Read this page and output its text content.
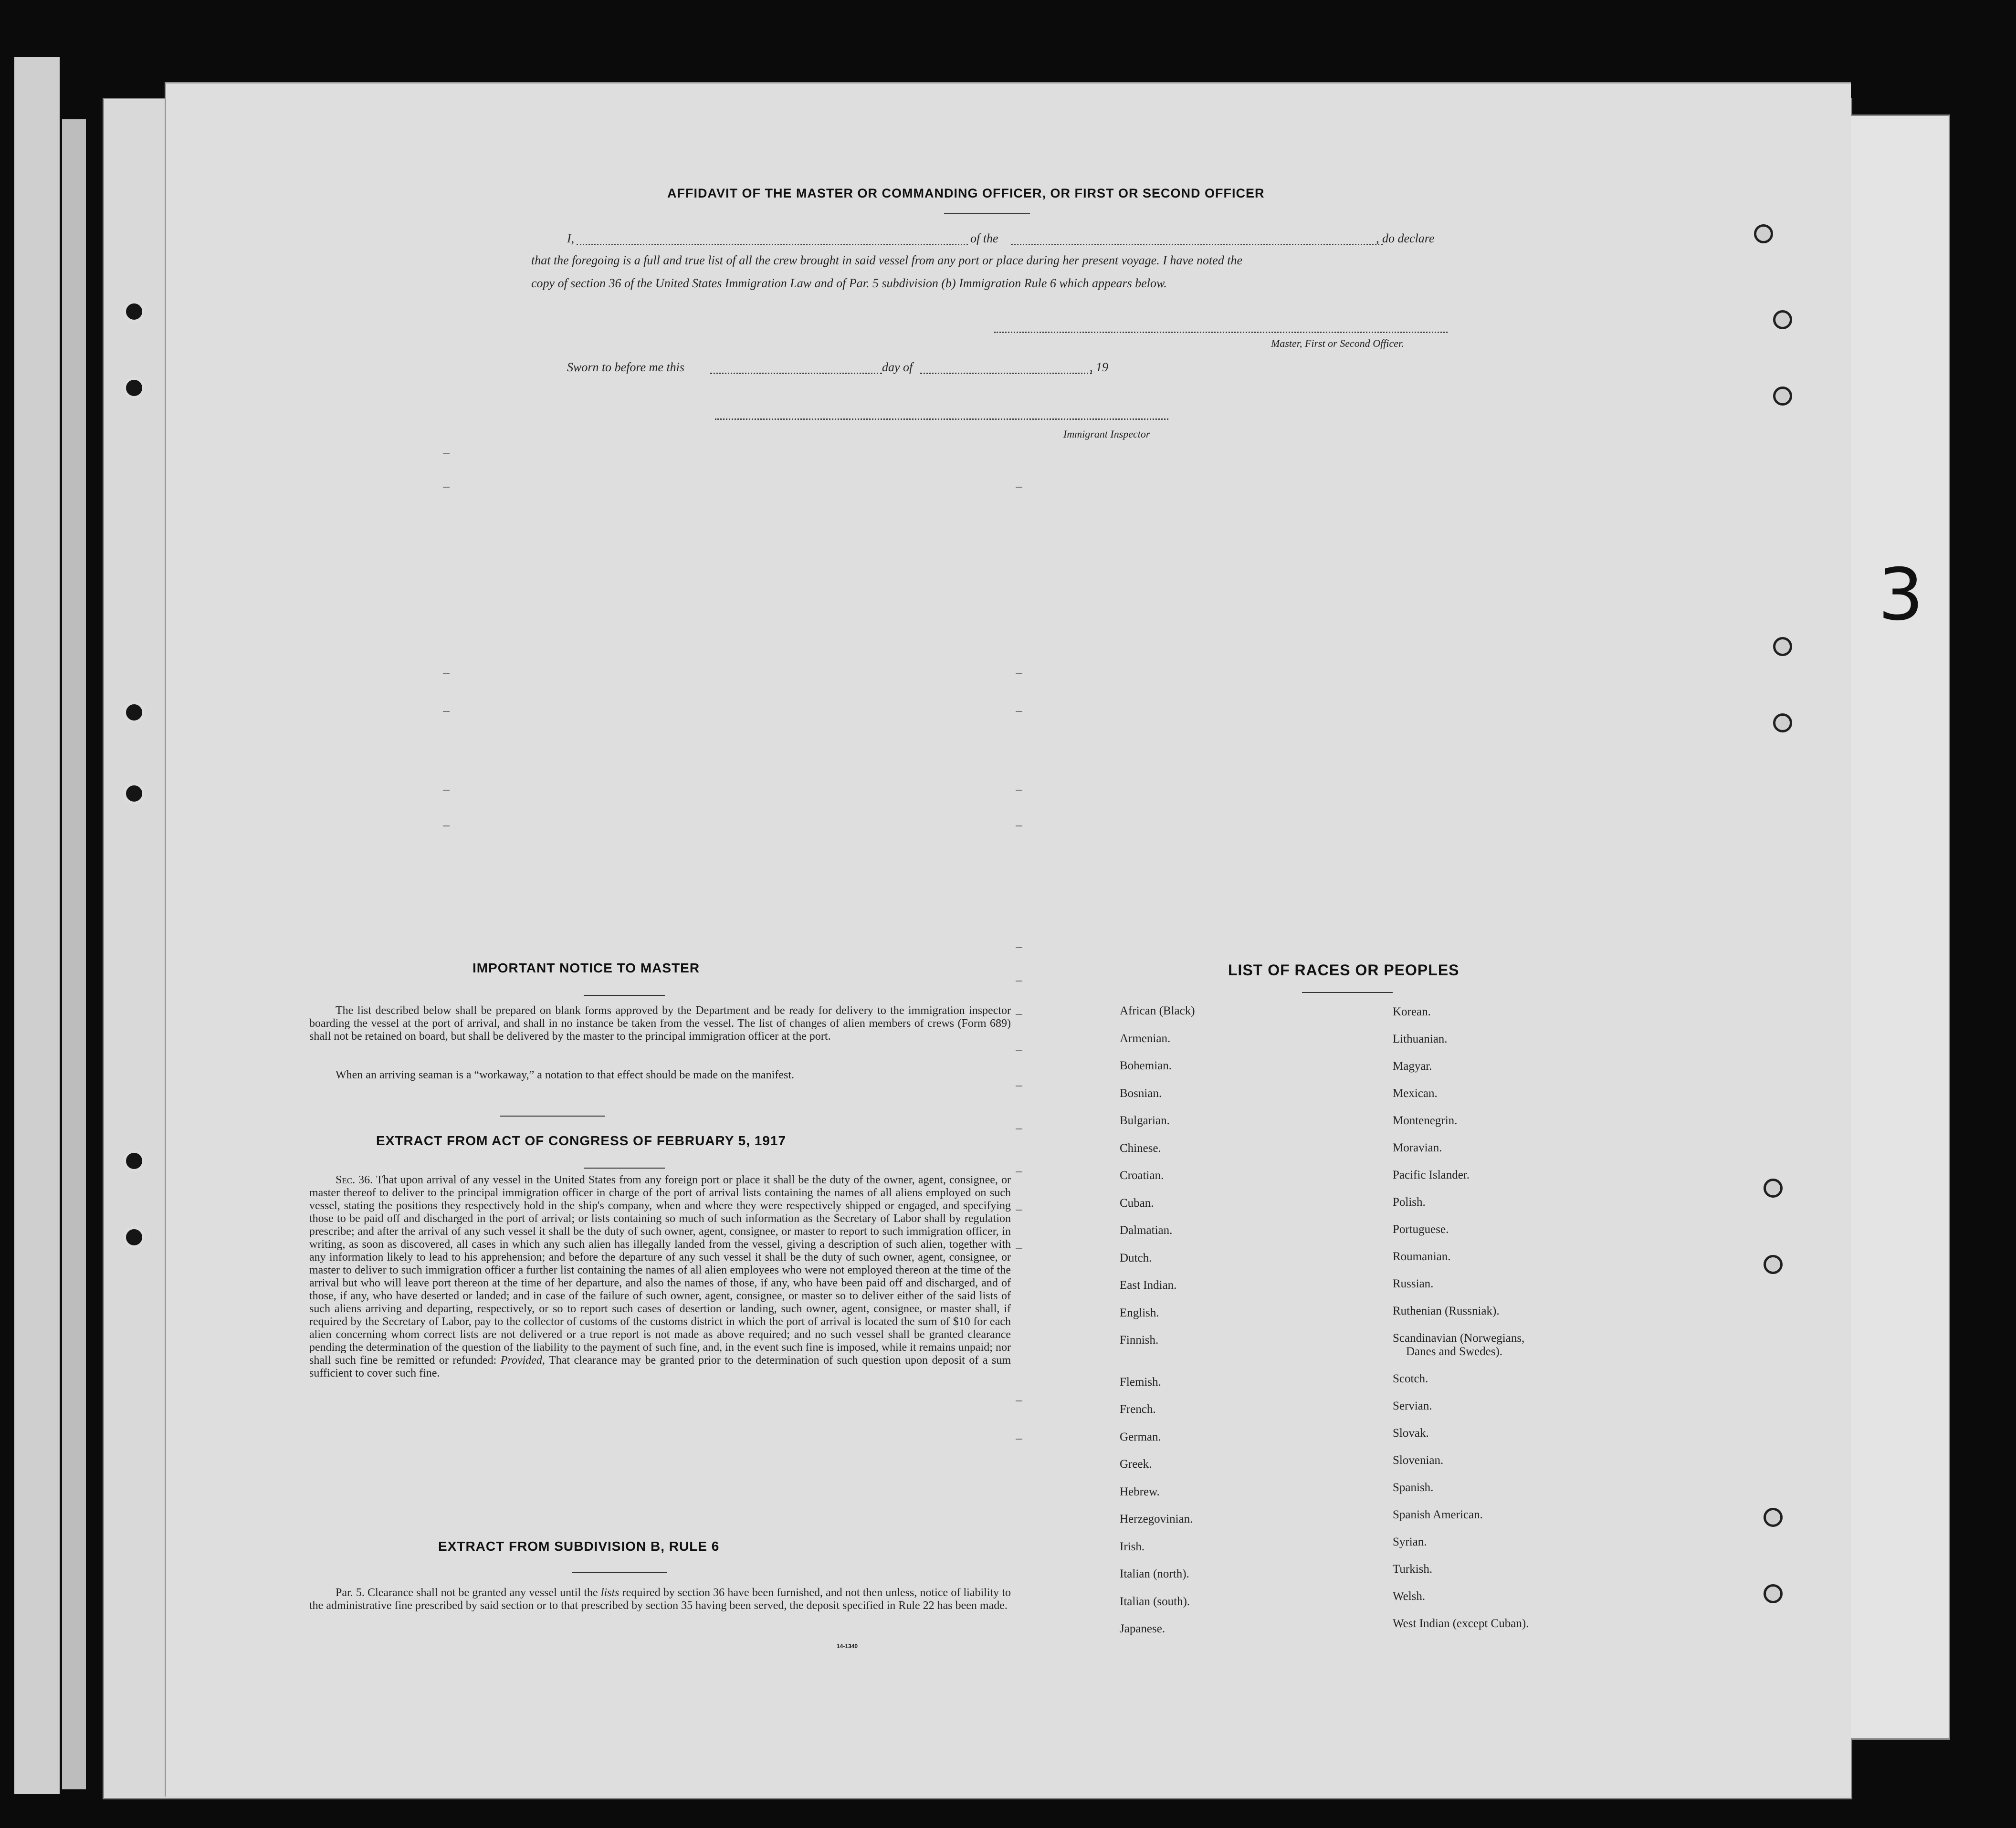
AFFIDAVIT OF THE MASTER OR COMMANDING OFFICER, OR FIRST OR SECOND OFFICER
I,	of the	, do declare
that the foregoing is a full and true list of all the crew brought in said vessel from any port or place during her present voyage. I have noted the
copy of section 36 of the United States Immigration Law and of Par. 5 subdivision (b) Immigration Rule 6 which appears below.
Master, First or Second Officer.
Sworn to before me this	day of	, 19
Immigrant Inspector
IMPORTANT NOTICE TO MASTER
The list described below shall be prepared on blank forms approved by the Department and be ready for delivery to the immigration inspector boarding the vessel at the port of arrival, and shall in no instance be taken from the vessel. The list of changes of alien members of crews (Form 689) shall not be retained on board, but shall be delivered by the master to the principal immigration officer at the port.
When an arriving seaman is a “workaway,” a notation to that effect should be made on the manifest.
EXTRACT FROM ACT OF CONGRESS OF FEBRUARY 5, 1917
Sec. 36. That upon arrival of any vessel in the United States from any foreign port or place it shall be the duty of the owner, agent, consignee, or master thereof to deliver to the principal immigration officer in charge of the port of arrival lists containing the names of all aliens employed on such vessel, stating the positions they respectively hold in the ship's company, when and where they were respectively shipped or engaged, and specifying those to be paid off and discharged in the port of arrival; or lists containing so much of such information as the Secretary of Labor shall by regulation prescribe; and after the arrival of any such vessel it shall be the duty of such owner, agent, consignee, or master to report to such immigration officer, in writing, as soon as discovered, all cases in which any such alien has illegally landed from the vessel, giving a description of such alien, together with any information likely to lead to his apprehension; and before the departure of any such vessel it shall be the duty of such owner, agent, consignee, or master to deliver to such immigration officer a further list containing the names of all alien employees who were not employed thereon at the time of the arrival but who will leave port thereon at the time of her departure, and also the names of those, if any, who have been paid off and discharged, and of those, if any, who have deserted or landed; and in case of the failure of such owner, agent, consignee, or master so to deliver either of the said lists of such aliens arriving and departing, respectively, or so to report such cases of desertion or landing, such owner, agent, consignee, or master shall, if required by the Secretary of Labor, pay to the collector of customs of the customs district in which the port of arrival is located the sum of $10 for each alien concerning whom correct lists are not delivered or a true report is not made as above required; and no such vessel shall be granted clearance pending the determination of the question of the liability to the payment of such fine, and, in the event such fine is imposed, while it remains unpaid; nor shall such fine be remitted or refunded: Provided, That clearance may be granted prior to the determination of such question upon deposit of a sum sufficient to cover such fine.
EXTRACT FROM SUBDIVISION B, RULE 6
Par. 5. Clearance shall not be granted any vessel until the lists required by section 36 have been furnished, and not then unless, notice of liability to the administrative fine prescribed by said section or to that prescribed by section 35 having been served, the deposit specified in Rule 22 has been made.
14-1340
LIST OF RACES OR PEOPLES
African (Black)
Armenian.
Bohemian.
Bosnian.
Bulgarian.
Chinese.
Croatian.
Cuban.
Dalmatian.
Dutch.
East Indian.
English.
Finnish.
Flemish.
French.
German.
Greek.
Hebrew.
Herzegovinian.
Irish.
Italian (north).
Italian (south).
Japanese.
Korean.
Lithuanian.
Magyar.
Mexican.
Montenegrin.
Moravian.
Pacific Islander.
Polish.
Portuguese.
Roumanian.
Russian.
Ruthenian (Russniak).
Scandinavian (Norwegians,
Danes and Swedes).
Scotch.
Servian.
Slovak.
Slovenian.
Spanish.
Spanish American.
Syrian.
Turkish.
Welsh.
West Indian (except Cuban).
3
